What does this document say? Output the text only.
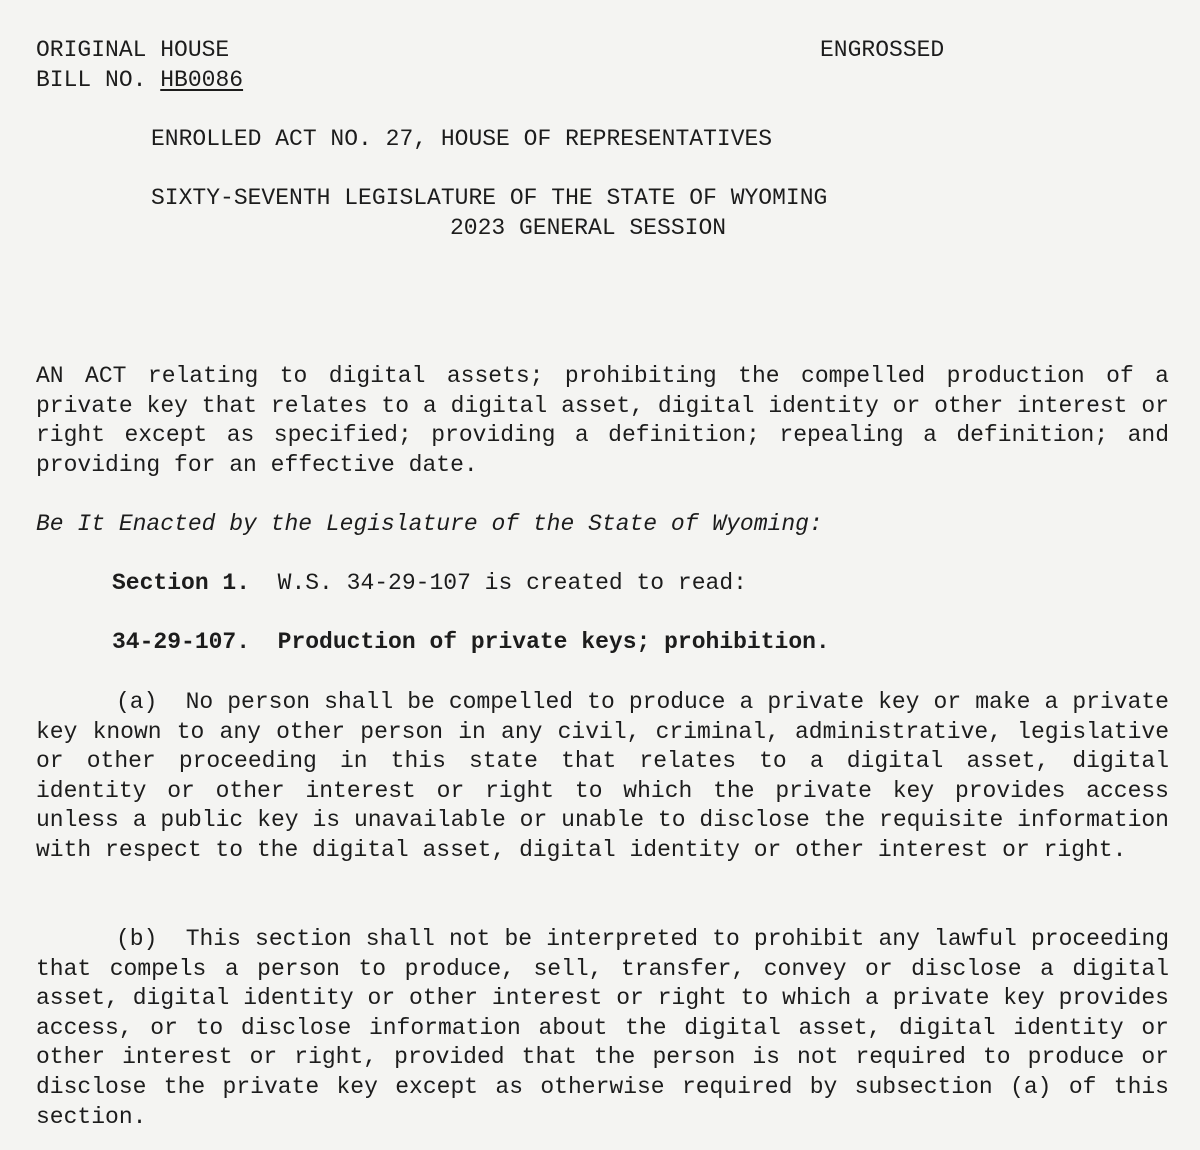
ORIGINAL HOUSE
BILL NO. HB0086
ENGROSSED
ENROLLED ACT NO. 27, HOUSE OF REPRESENTATIVES
SIXTY-SEVENTH LEGISLATURE OF THE STATE OF WYOMING
2023 GENERAL SESSION

AN ACT relating to digital assets; prohibiting the compelled production of a private key that relates to a digital asset, digital identity or other interest or right except as specified; providing a definition; repealing a definition; and providing for an effective date.

Be It Enacted by the Legislature of the State of Wyoming:
Section 1. W.S. 34-29-107 is created to read:
34-29-107. Production of private keys; prohibition.

(a) No person shall be compelled to produce a private key or make a private key known to any other person in any civil, criminal, administrative, legislative or other proceeding in this state that relates to a digital asset, digital identity or other interest or right to which the private key provides access unless a public key is unavailable or unable to disclose the requisite information with respect to the digital asset, digital identity or other interest or right.

(b) This section shall not be interpreted to prohibit any lawful proceeding that compels a person to produce, sell, transfer, convey or disclose a digital asset, digital identity or other interest or right to which a private key provides access, or to disclose information about the digital asset, digital identity or other interest or right, provided that the person is not required to produce or disclose the private key except as otherwise required by subsection (a) of this section.
